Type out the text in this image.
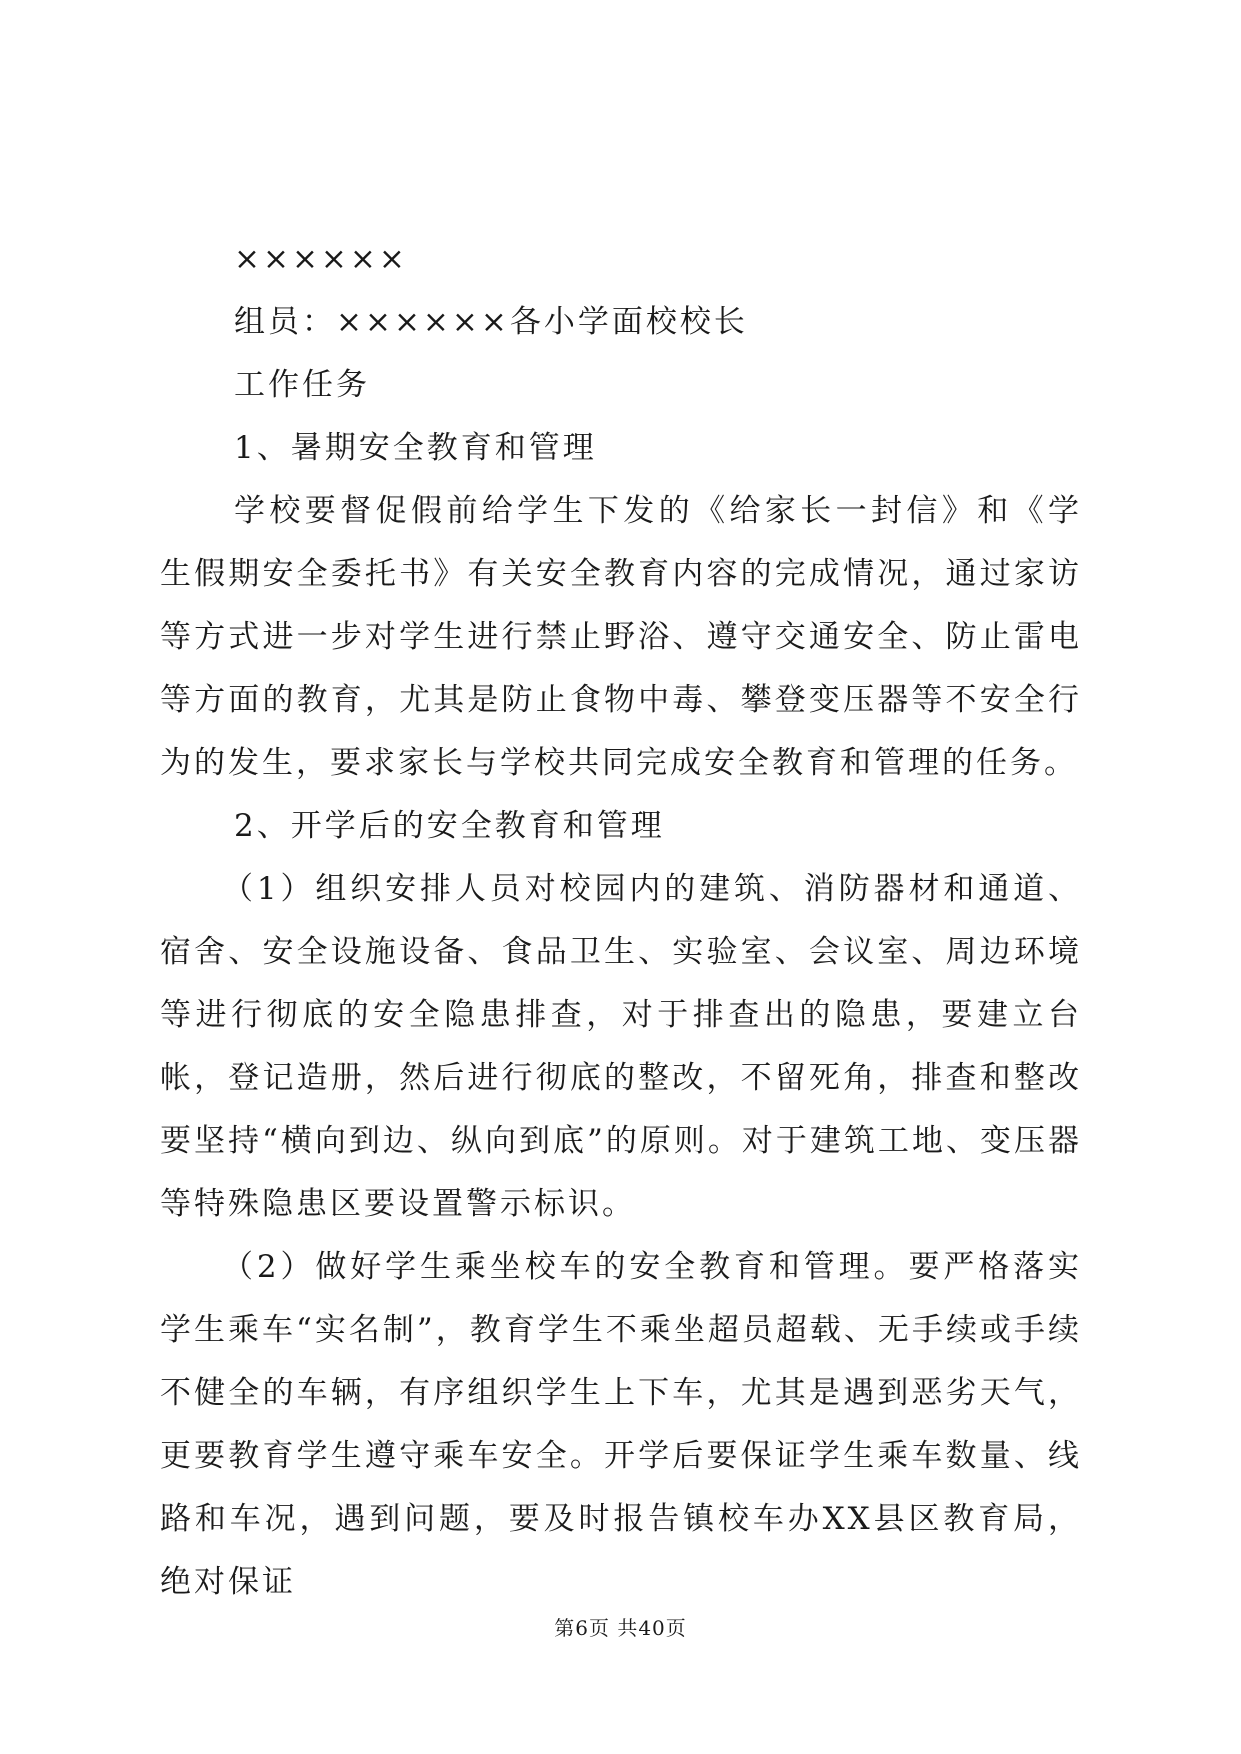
××××××

组员：××××××各小学面校校长

工作任务

1、暑期安全教育和管理

学校要督促假前给学生下发的《给家长一封信》和《学生假期安全委托书》有关安全教育内容的完成情况，通过家访等方式进一步对学生进行禁止野浴、遵守交通安全、防止雷电等方面的教育，尤其是防止食物中毒、攀登变压器等不安全行为的发生，要求家长与学校共同完成安全教育和管理的任务。

2、开学后的安全教育和管理

（1）组织安排人员对校园内的建筑、消防器材和通道、宿舍、安全设施设备、食品卫生、实验室、会议室、周边环境等进行彻底的安全隐患排查，对于排查出的隐患，要建立台帐，登记造册，然后进行彻底的整改，不留死角，排查和整改要坚持“横向到边、纵向到底”的原则。对于建筑工地、变压器等特殊隐患区要设置警示标识。

（2）做好学生乘坐校车的安全教育和管理。要严格落实学生乘车“实名制”，教育学生不乘坐超员超载、无手续或手续不健全的车辆，有序组织学生上下车，尤其是遇到恶劣天气，更要教育学生遵守乘车安全。开学后要保证学生乘车数量、线路和车况，遇到问题，要及时报告镇校车办XX县区教育局，绝对保证

第6页 共40页
